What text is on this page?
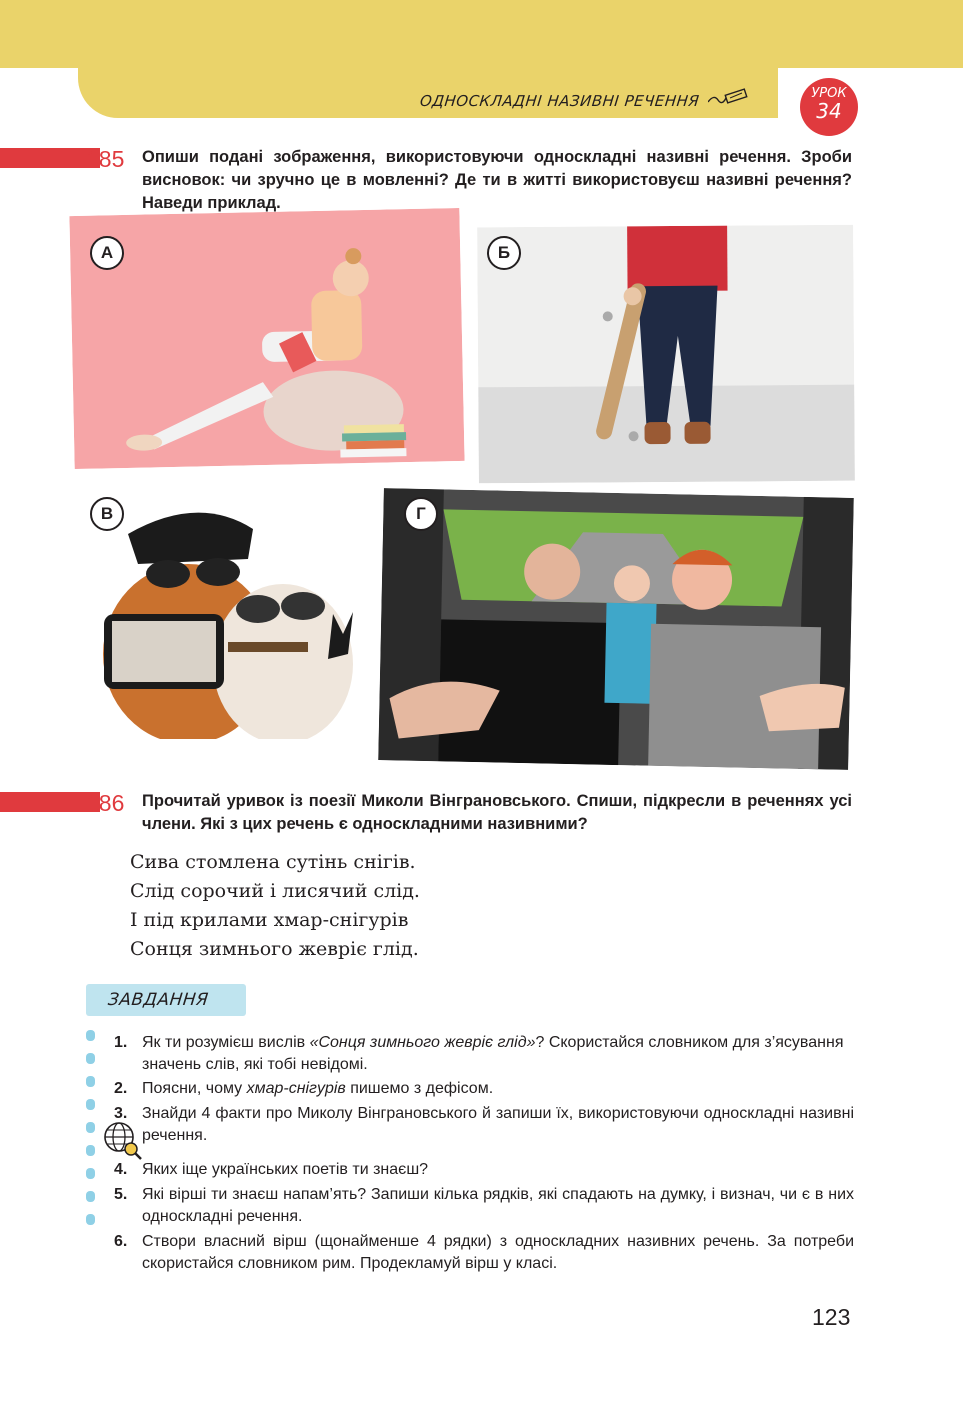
ОДНОСКЛАДНІ НАЗИВНІ РЕЧЕННЯ	УРОК
34
185 Опиши подані зображення, використовуючи односкладні називні речення. Зроби висновок: чи зручно це в мовленні? Де ти в житті використовуєш називні речення? Наведи приклад.
А	Б
В	Г
186 Прочитай уривок із поезії Миколи Вінграновського. Спиши, підкресли в реченнях усі члени. Які з цих речень є односкладними називними?
Сива стомлена сутінь снігів.
Слід сорочий і лисячий слід.
І під крилами хмар-снігурів
Сонця зимнього жевріє глід.
ЗАВДАННЯ
1. Як ти розумієш вислів «Сонця зимнього жевріє глід»? Скористайся словником для з’ясування значень слів, які тобі невідомі.
2. Поясни, чому хмар-снігурів пишемо з дефісом.
3. Знайди 4 факти про Миколу Вінграновського й запиши їх, використовуючи односкладні називні речення.
4. Яких іще українських поетів ти знаєш?
5. Які вірші ти знаєш напам’ять? Запиши кілька рядків, які спадають на думку, і визнач, чи є в них односкладні речення.
6. Створи власний вірш (щонайменше 4 рядки) з односкладних називних речень. За потреби скористайся словником рим. Продекламуй вірш у класі.
123
